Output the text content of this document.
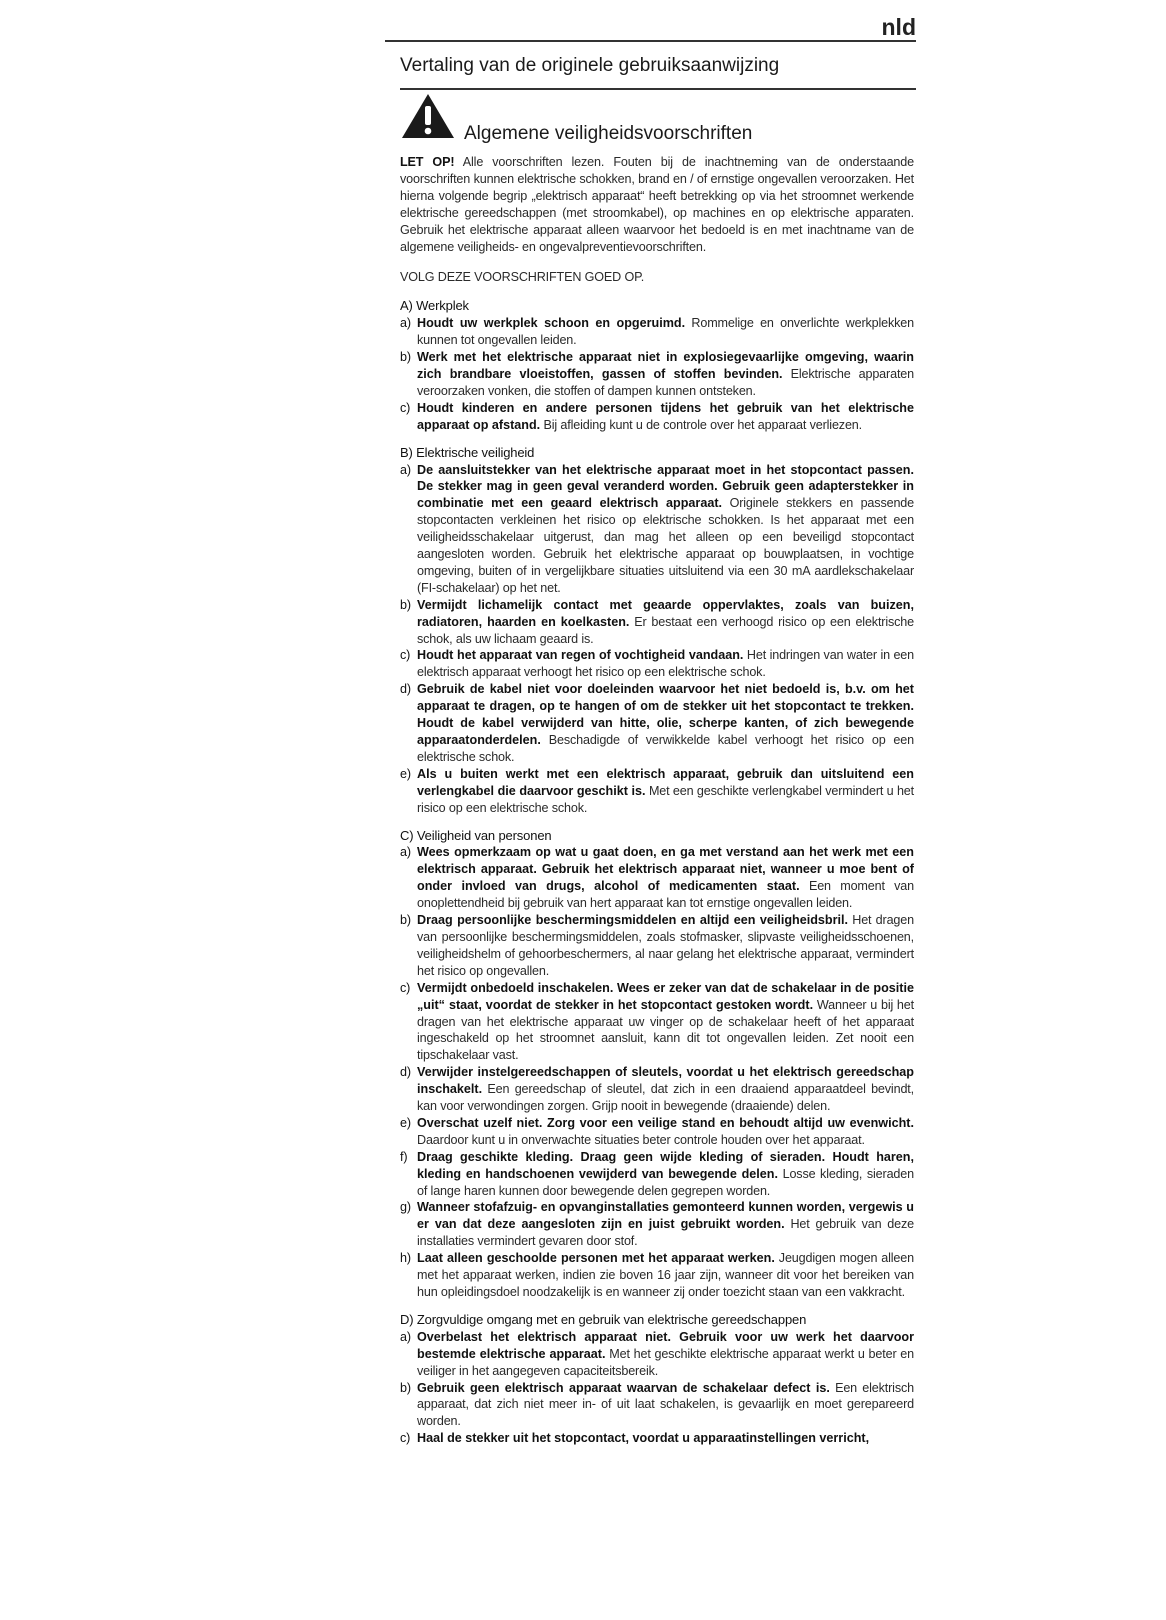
nld
Vertaling van de originele gebruiksaanwijzing
Algemene veiligheidsvoorschriften

LET OP! Alle voorschriften lezen. Fouten bij de inachtneming van de onderstaande voorschriften kunnen elektrische schokken, brand en / of ernstige ongevallen veroorzaken. Het hierna volgende begrip „elektrisch apparaat“ heeft betrekking op via het stroomnet werkende elektrische gereedschappen (met stroomkabel), op machines en op elektrische apparaten. Gebruik het elektrische apparaat alleen waarvoor het bedoeld is en met inachtname van de algemene veiligheids- en ongevalpreventievoorschriften.

VOLG DEZE VOORSCHRIFTEN GOED OP.

A) Werkplek
a) Houdt uw werkplek schoon en opgeruimd. Rommelige en onverlichte werkplekken kunnen tot ongevallen leiden.
b) Werk met het elektrische apparaat niet in explosiegevaarlijke omgeving, waarin zich brandbare vloeistoffen, gassen of stoffen bevinden. Elektrische apparaten veroorzaken vonken, die stoffen of dampen kunnen ontsteken.
c) Houdt kinderen en andere personen tijdens het gebruik van het elektrische apparaat op afstand. Bij afleiding kunt u de controle over het apparaat verliezen.
B) Elektrische veiligheid
a) De aansluitstekker van het elektrische apparaat moet in het stopcontact passen. De stekker mag in geen geval veranderd worden. Gebruik geen adapterstekker in combinatie met een geaard elektrisch apparaat. Originele stekkers en passende stopcontacten verkleinen het risico op elektrische schokken. Is het apparaat met een veiligheidsschakelaar uitgerust, dan mag het alleen op een beveiligd stopcontact aangesloten worden. Gebruik het elektrische apparaat op bouwplaatsen, in vochtige omgeving, buiten of in vergelijkbare situaties uitsluitend via een 30 mA aardlekschakelaar (FI-schakelaar) op het net.
b) Vermijdt lichamelijk contact met geaarde oppervlaktes, zoals van buizen, radiatoren, haarden en koelkasten. Er bestaat een verhoogd risico op een elektrische schok, als uw lichaam geaard is.
c) Houdt het apparaat van regen of vochtigheid vandaan. Het indringen van water in een elektrisch apparaat verhoogt het risico op een elektrische schok.
d) Gebruik de kabel niet voor doeleinden waarvoor het niet bedoeld is, b.v. om het apparaat te dragen, op te hangen of om de stekker uit het stopcontact te trekken. Houdt de kabel verwijderd van hitte, olie, scherpe kanten, of zich bewegende apparaatonderdelen. Beschadigde of verwikkelde kabel verhoogt het risico op een elektrische schok.
e) Als u buiten werkt met een elektrisch apparaat, gebruik dan uitsluitend een verlengkabel die daarvoor geschikt is. Met een geschikte verlengkabel vermindert u het risico op een elektrische schok.
C) Veiligheid van personen
a) Wees opmerkzaam op wat u gaat doen, en ga met verstand aan het werk met een elektrisch apparaat. Gebruik het elektrisch apparaat niet, wanneer u moe bent of onder invloed van drugs, alcohol of medicamenten staat. Een moment van onoplettendheid bij gebruik van hert apparaat kan tot ernstige ongevallen leiden.
b) Draag persoonlijke beschermingsmiddelen en altijd een veiligheidsbril. Het dragen van persoonlijke beschermingsmiddelen, zoals stofmasker, slipvaste veiligheidsschoenen, veiligheidshelm of gehoorbeschermers, al naar gelang het elektrische apparaat, vermindert het risico op ongevallen.
c) Vermijdt onbedoeld inschakelen. Wees er zeker van dat de schakelaar in de positie „uit“ staat, voordat de stekker in het stopcontact gestoken wordt. Wanneer u bij het dragen van het elektrische apparaat uw vinger op de schakelaar heeft of het apparaat ingeschakeld op het stroomnet aansluit, kann dit tot ongevallen leiden. Zet nooit een tipschakelaar vast.
d) Verwijder instelgereedschappen of sleutels, voordat u het elektrisch gereedschap inschakelt. Een gereedschap of sleutel, dat zich in een draaiend apparaatdeel bevindt, kan voor verwondingen zorgen. Grijp nooit in bewegende (draaiende) delen.
e) Overschat uzelf niet. Zorg voor een veilige stand en behoudt altijd uw evenwicht. Daardoor kunt u in onverwachte situaties beter controle houden over het apparaat.
f) Draag geschikte kleding. Draag geen wijde kleding of sieraden. Houdt haren, kleding en handschoenen vewijderd van bewegende delen. Losse kleding, sieraden of lange haren kunnen door bewegende delen gegrepen worden.
g) Wanneer stofafzuig- en opvanginstallaties gemonteerd kunnen worden, vergewis u er van dat deze aangesloten zijn en juist gebruikt worden. Het gebruik van deze installaties vermindert gevaren door stof.
h) Laat alleen geschoolde personen met het apparaat werken. Jeugdigen mogen alleen met het apparaat werken, indien zie boven 16 jaar zijn, wanneer dit voor het bereiken van hun opleidingsdoel noodzakelijk is en wanneer zij onder toezicht staan van een vakkracht.
D) Zorgvuldige omgang met en gebruik van elektrische gereedschappen
a) Overbelast het elektrisch apparaat niet. Gebruik voor uw werk het daarvoor bestemde elektrische apparaat. Met het geschikte elektrische apparaat werkt u beter en veiliger in het aangegeven capaciteitsbereik.
b) Gebruik geen elektrisch apparaat waarvan de schakelaar defect is. Een elektrisch apparaat, dat zich niet meer in- of uit laat schakelen, is gevaarlijk en moet gerepareerd worden.
c) Haal de stekker uit het stopcontact, voordat u apparaatinstellingen verricht,
